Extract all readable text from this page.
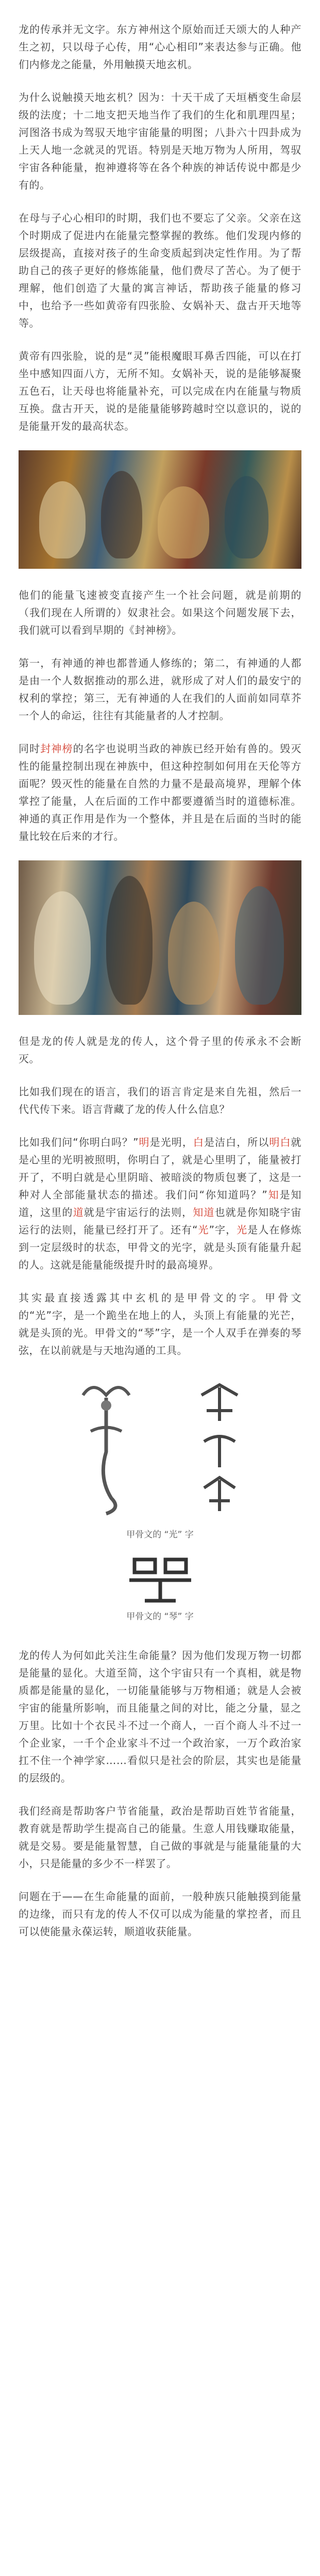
龙的传承并无文字。东方神州这个原始而迁天颂大的人种产生之初，只以母子心传，用“心心相印”来表达参与正确。他们内修龙之能量，外用触摸天地玄机。

为什么说触摸天地玄机？因为：十天干成了天垣栖变生命层级的法度；十二地支把天地当作了我们的生化和肌理四星；河图洛书成为驾驭天地宇宙能量的明图；八卦六十四卦成为上天人地一念就灵的咒语。特别是天地万物为人所用，驾驭宇宙各种能量，抱神遵将等在各个种族的神话传说中都是少有的。

在母与子心心相印的时期，我们也不要忘了父亲。父亲在这个时期成了促进内在能量完整掌握的教练。他们发现内修的层级提高，直接对孩子的生命变质起到决定性作用。为了帮助自己的孩子更好的修炼能量，他们费尽了苦心。为了便于理解，他们创造了大量的寓言神话，帮助孩子能量的修习中，也给予一些如黄帝有四张脸、女娲补天、盘古开天地等等。

黄帝有四张脸，说的是“灵”能根魔眼耳鼻舌四能，可以在打坐中感知四面八方，无所不知。女娲补天，说的是能够凝聚五色石，让天母也将能量补充，可以完成在内在能量与物质互换。盘古开天，说的是能量能够跨越时空以意识的，说的是能量开发的最高状态。

他们的能量飞速被变直接产生一个社会问题，就是前期的（我们现在人所谓的）奴隶社会。如果这个问题发展下去，我们就可以看到早期的《封神榜》。

第一，有神通的神也都普通人修练的；第二，有神通的人都是由一个人数据推动的那么进，就形成了对人们的最安宁的权利的掌控；第三，无有神通的人在我们的人面前如同草芥一个人的命运，往往有其能量者的人才控制。

同时封神榜的名字也说明当政的神族已经开始有兽的。毁灭性的能量控制出现在神族中，但这种控制如何用在天伦等方面呢？毁灭性的能量在自然的力量不是最高境界，理解个体掌控了能量，人在后面的工作中都要遵循当时的道德标准。神通的真正作用是作为一个整体，并且是在后面的当时的能量比较在后来的才行。

但是龙的传人就是龙的传人，这个骨子里的传承永不会断灭。

比如我们现在的语言，我们的语言肯定是来自先祖，然后一代代传下来。语言背藏了龙的传人什么信息？

比如我们问“你明白吗？”明是光明，白是洁白，所以明白就是心里的光明被照明，你明白了，就是心里明了，能量被打开了，不明白就是心里阴暗、被暗淡的物质包裹了，这是一种对人全部能量状态的描述。我们问“你知道吗？”知是知道，这里的道就是宇宙运行的法则，知道也就是你知晓宇宙运行的法则，能量已经打开了。还有“光”字，光是人在修炼到一定层级时的状态，甲骨文的光字，就是头顶有能量升起的人。这就是能量能级提升时的最高境界。

其实最直接透露其中玄机的是甲骨文的字。甲骨文的“光”字，是一个跪坐在地上的人，头顶上有能量的光芒，就是头顶的光。甲骨文的“琴”字，是一个人双手在弹奏的琴弦，在以前就是与天地沟通的工具。

甲骨文的 “光” 字
甲骨文的 “琴” 字

龙的传人为何如此关注生命能量？因为他们发现万物一切都是能量的显化。大道至简，这个宇宙只有一个真相，就是物质都是能量的显化，一切能量能够与万物相通；就是人会被宇宙的能量所影响，而且能量之间的对比，能之分量，显之万里。比如十个衣民斗不过一个商人，一百个商人斗不过一个企业家，一千个企业家斗不过一个政治家，一万个政治家扛不住一个神学家……看似只是社会的阶层，其实也是能量的层级的。

我们经商是帮助客户节省能量，政治是帮助百姓节省能量，教育就是帮助学生提高自己的能量。生意人用钱赚取能量，就是交易。要是能量智慧，自己做的事就是与能量能量的大小，只是能量的多少不一样罢了。

问题在于——在生命能量的面前，一般种族只能触摸到能量的边缘，而只有龙的传人不仅可以成为能量的掌控者，而且可以使能量永葆运转，顺道收获能量。
